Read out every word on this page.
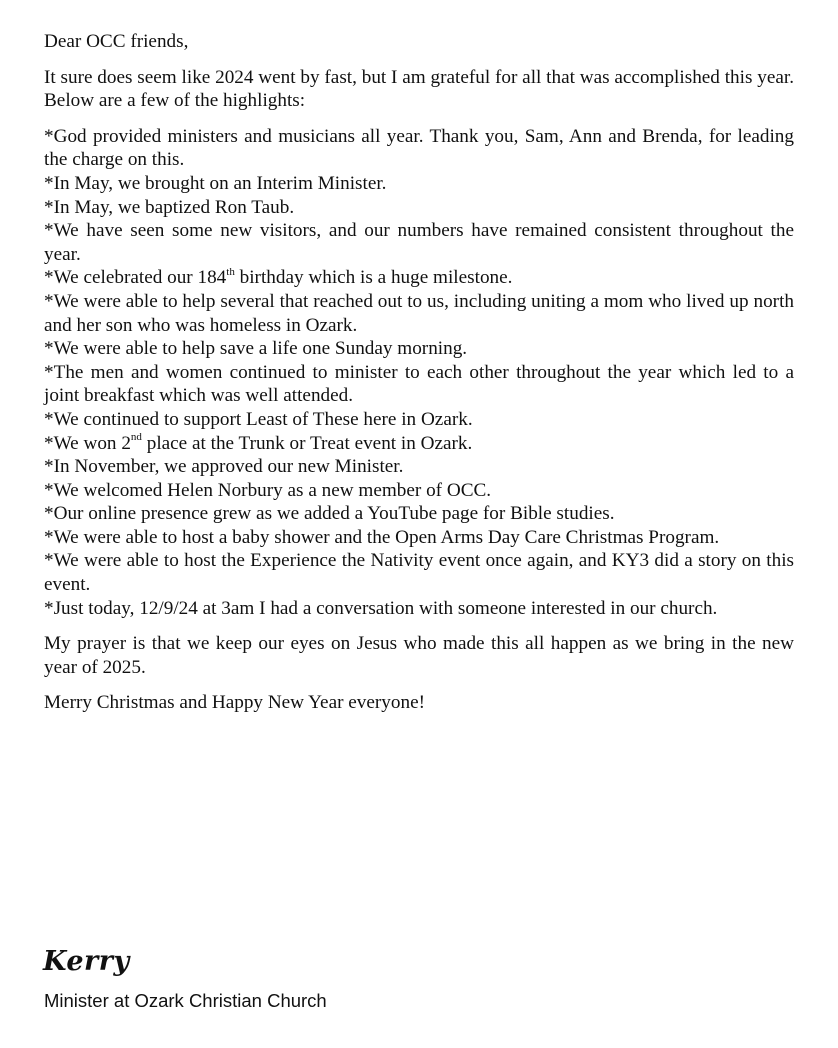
Dear OCC friends,

It sure does seem like 2024 went by fast, but I am grateful for all that was accomplished this year. Below are a few of the highlights:

*God provided ministers and musicians all year. Thank you, Sam, Ann and Brenda, for leading the charge on this.

*In May, we brought on an Interim Minister.

*In May, we baptized Ron Taub.

*We have seen some new visitors, and our numbers have remained consistent throughout the year.

*We celebrated our 184th birthday which is a huge milestone.

*We were able to help several that reached out to us, including uniting a mom who lived up north and her son who was homeless in Ozark.

*We were able to help save a life one Sunday morning.

*The men and women continued to minister to each other throughout the year which led to a joint breakfast which was well attended.

*We continued to support Least of These here in Ozark.

*We won 2nd place at the Trunk or Treat event in Ozark.

*In November, we approved our new Minister.

*We welcomed Helen Norbury as a new member of OCC.

*Our online presence grew as we added a YouTube page for Bible studies.

*We were able to host a baby shower and the Open Arms Day Care Christmas Program.

*We were able to host the Experience the Nativity event once again, and KY3 did a story on this event.

*Just today, 12/9/24 at 3am I had a conversation with someone interested in our church.

My prayer is that we keep our eyes on Jesus who made this all happen as we bring in the new year of 2025.

Merry Christmas and Happy New Year everyone!

Kerry
Minister at Ozark Christian Church
